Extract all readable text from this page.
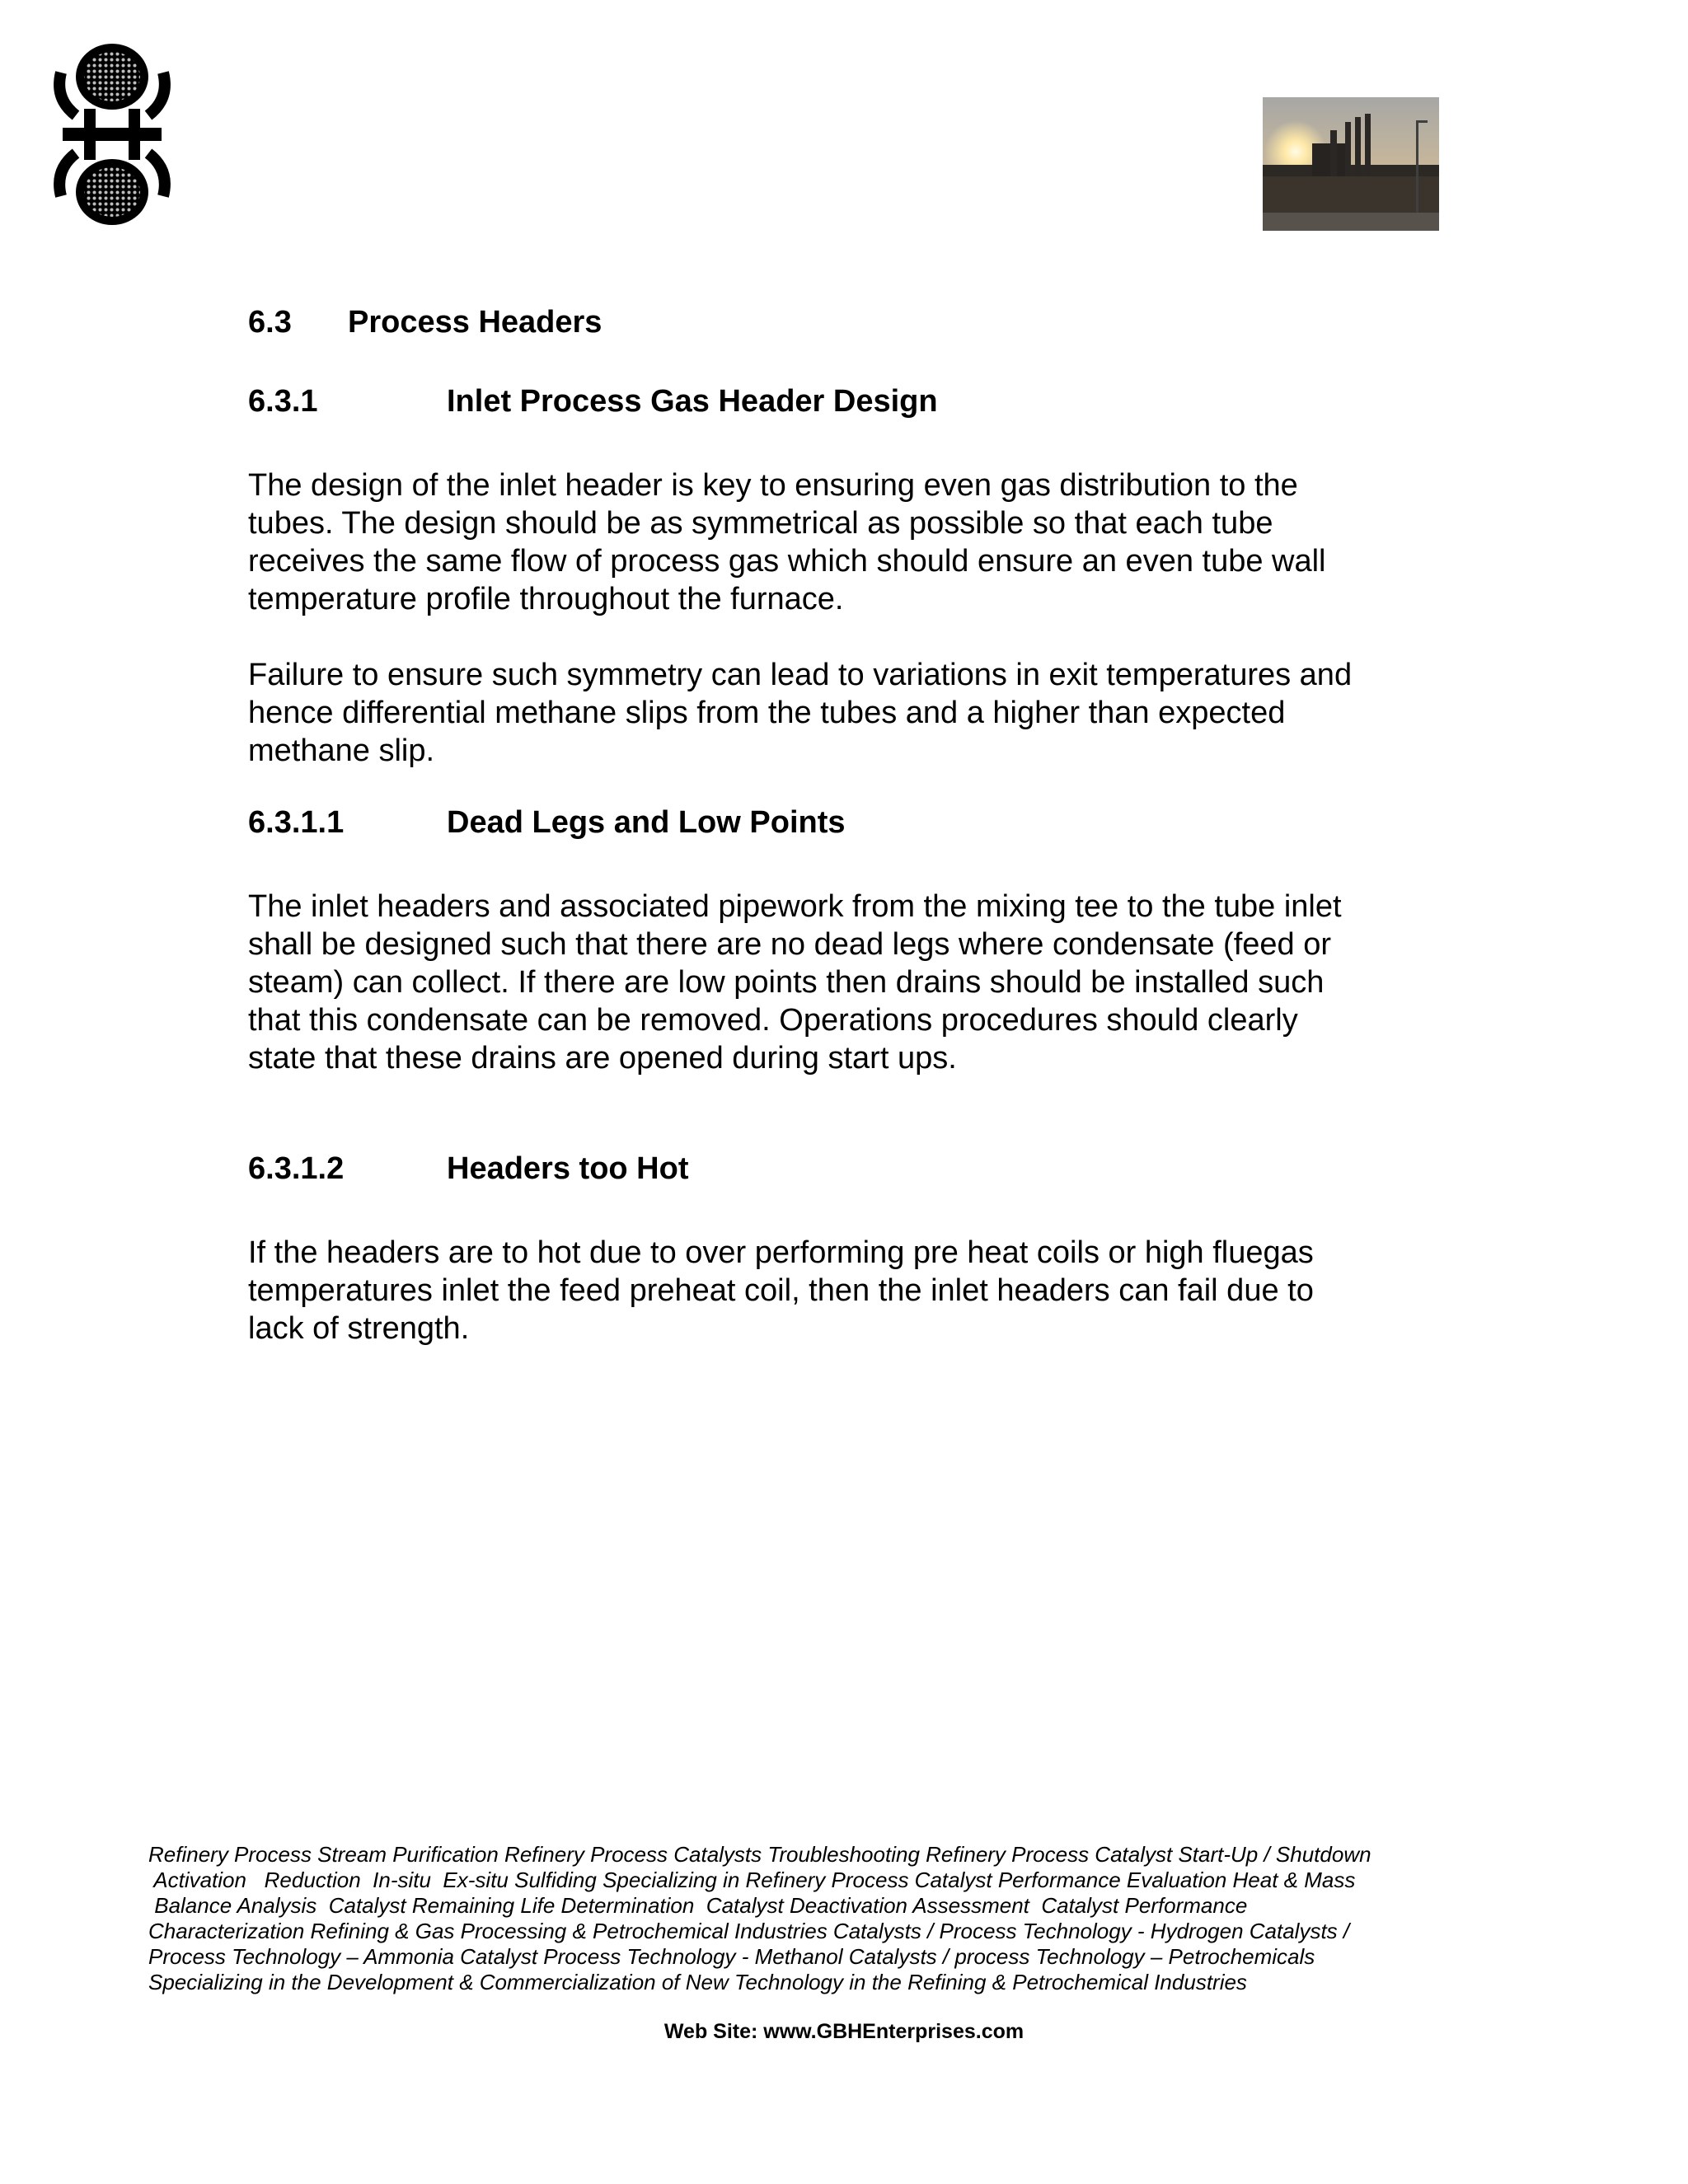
6.3 Process Headers
6.3.1	Inlet Process Gas Header Design
The design of the inlet header is key to ensuring even gas distribution to the
tubes. The design should be as symmetrical as possible so that each tube
receives the same flow of process gas which should ensure an even tube wall
temperature profile throughout the furnace.
Failure to ensure such symmetry can lead to variations in exit temperatures and
hence differential methane slips from the tubes and a higher than expected
methane slip.
6.3.1.1	Dead Legs and Low Points
The inlet headers and associated pipework from the mixing tee to the tube inlet
shall be designed such that there are no dead legs where condensate (feed or
steam) can collect. If there are low points then drains should be installed such
that this condensate can be removed. Operations procedures should clearly
state that these drains are opened during start ups.
6.3.1.2	Headers too Hot
If the headers are to hot due to over performing pre heat coils or high fluegas
temperatures inlet the feed preheat coil, then the inlet headers can fail due to
lack of strength.
Refinery Process Stream Purification Refinery Process Catalysts Troubleshooting Refinery Process Catalyst Start-Up / Shutdown
Activation   Reduction  In-situ  Ex-situ Sulfiding Specializing in Refinery Process Catalyst Performance Evaluation Heat & Mass
Balance Analysis  Catalyst Remaining Life Determination  Catalyst Deactivation Assessment  Catalyst Performance
Characterization Refining & Gas Processing & Petrochemical Industries Catalysts / Process Technology - Hydrogen Catalysts /
Process Technology – Ammonia Catalyst Process Technology - Methanol Catalysts / process Technology – Petrochemicals
Specializing in the Development & Commercialization of New Technology in the Refining & Petrochemical Industries

Web Site: www.GBHEnterprises.com
